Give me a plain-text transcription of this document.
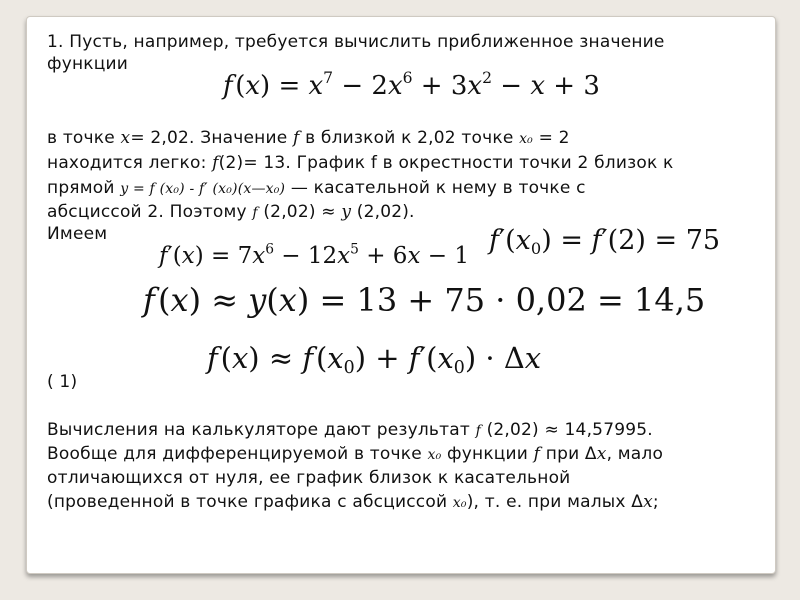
1. Пусть, например, требуется вычислить приближенное значение
функции
f $(x) = x^7 - 2x^6 + 3x^2 - x + 3$
в точке x= 2,02. Значение f в близкой к 2,02 точке x₀ = 2
находится легко: f(2)= 13. График f в окрестности точки 2 близок к
прямой y = f (x₀) - f′ (x₀)(x—x₀) — касательной к нему в точке с
абсциссой 2. Поэтому f (2,02) ≈ y (2,02).
Имеем	$f'(x_0) = f'(2) = 75$
$f'(x) = 7x^6 - 12x^5 + 6x - 1$
f (x) ≈ y(x) = 13 + 75 · 0,02 = 14,5
f (x) ≈ f $(x_0) + f'(x_0) \cdot \Delta x$
( 1)
Вычисления на калькуляторе дают результат f (2,02) ≈ 14,57995.
Вообще для дифференцируемой в точке x₀ функции f при Δx, мало
отличающихся от нуля, ее график близок к касательной
(проведенной в точке графика с абсциссой x₀), т. е. при малых Δx;
